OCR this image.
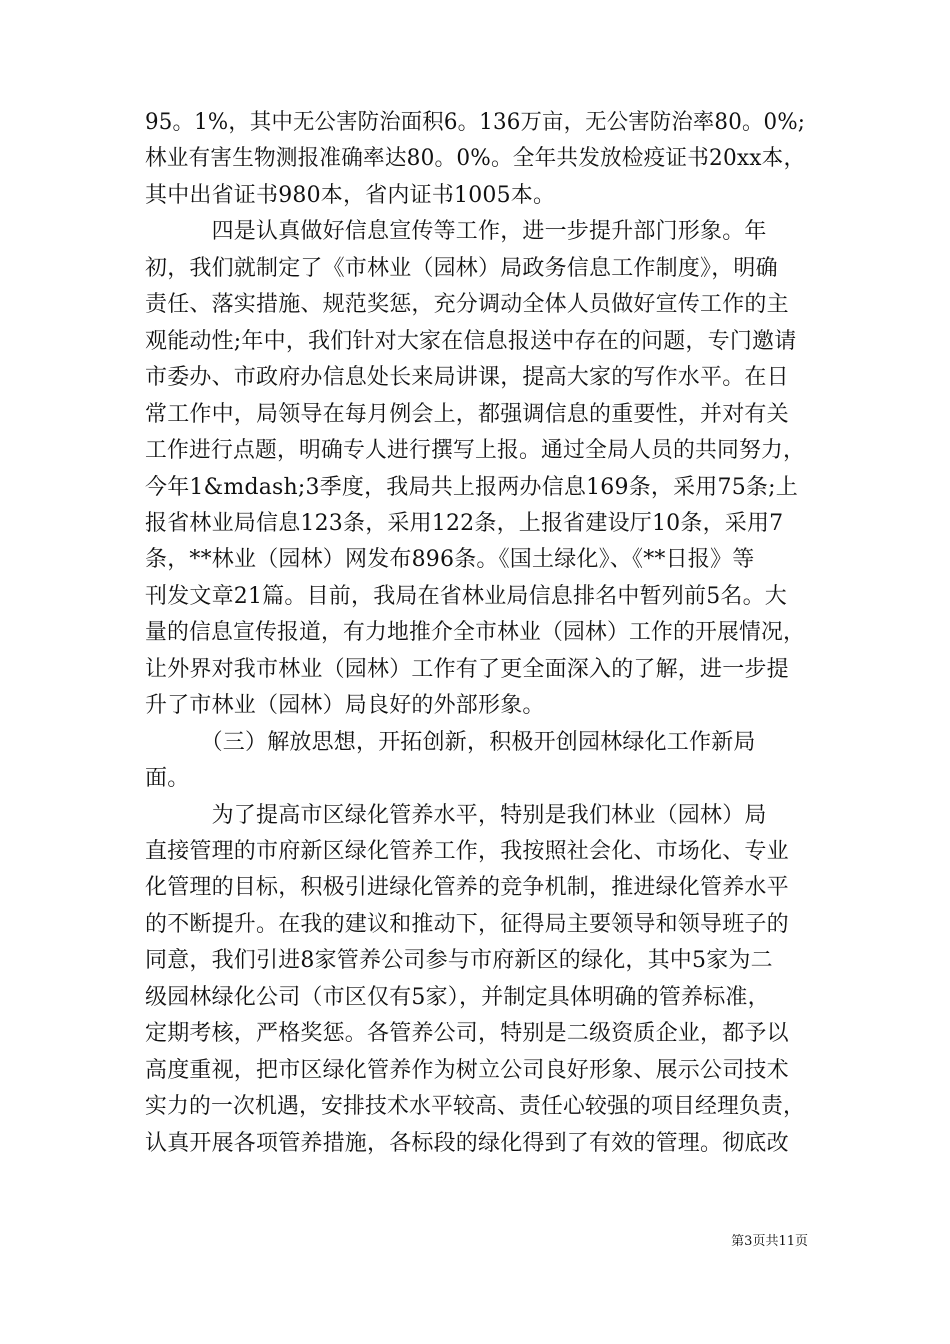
95。1%，其中无公害防治面积6。136万亩，无公害防治率80。0%;
林业有害生物测报准确率达80。0%。全年共发放检疫证书20xx本，
其中出省证书980本，省内证书1005本。
　　　四是认真做好信息宣传等工作，进一步提升部门形象。年
初，我们就制定了《市林业（园林）局政务信息工作制度》，明确
责任、落实措施、规范奖惩，充分调动全体人员做好宣传工作的主
观能动性;年中，我们针对大家在信息报送中存在的问题，专门邀请
市委办、市政府办信息处长来局讲课，提高大家的写作水平。在日
常工作中，局领导在每月例会上，都强调信息的重要性，并对有关
工作进行点题，明确专人进行撰写上报。通过全局人员的共同努力，
今年1&mdash;3季度，我局共上报两办信息169条，采用75条;上
报省林业局信息123条，采用122条，上报省建设厅10条，采用7
条，**林业（园林）网发布896条。《国土绿化》、《**日报》等
刊发文章21篇。目前，我局在省林业局信息排名中暂列前5名。大
量的信息宣传报道，有力地推介全市林业（园林）工作的开展情况，
让外界对我市林业（园林）工作有了更全面深入的了解，进一步提
升了市林业（园林）局良好的外部形象。
　　　（三）解放思想，开拓创新，积极开创园林绿化工作新局
面。
　　　为了提高市区绿化管养水平，特别是我们林业（园林）局
直接管理的市府新区绿化管养工作，我按照社会化、市场化、专业
化管理的目标，积极引进绿化管养的竞争机制，推进绿化管养水平
的不断提升。在我的建议和推动下，征得局主要领导和领导班子的
同意，我们引进8家管养公司参与市府新区的绿化，其中5家为二
级园林绿化公司（市区仅有5家），并制定具体明确的管养标准，
定期考核，严格奖惩。各管养公司，特别是二级资质企业，都予以
高度重视，把市区绿化管养作为树立公司良好形象、展示公司技术
实力的一次机遇，安排技术水平较高、责任心较强的项目经理负责，
认真开展各项管养措施，各标段的绿化得到了有效的管理。彻底改
第3页共11页
